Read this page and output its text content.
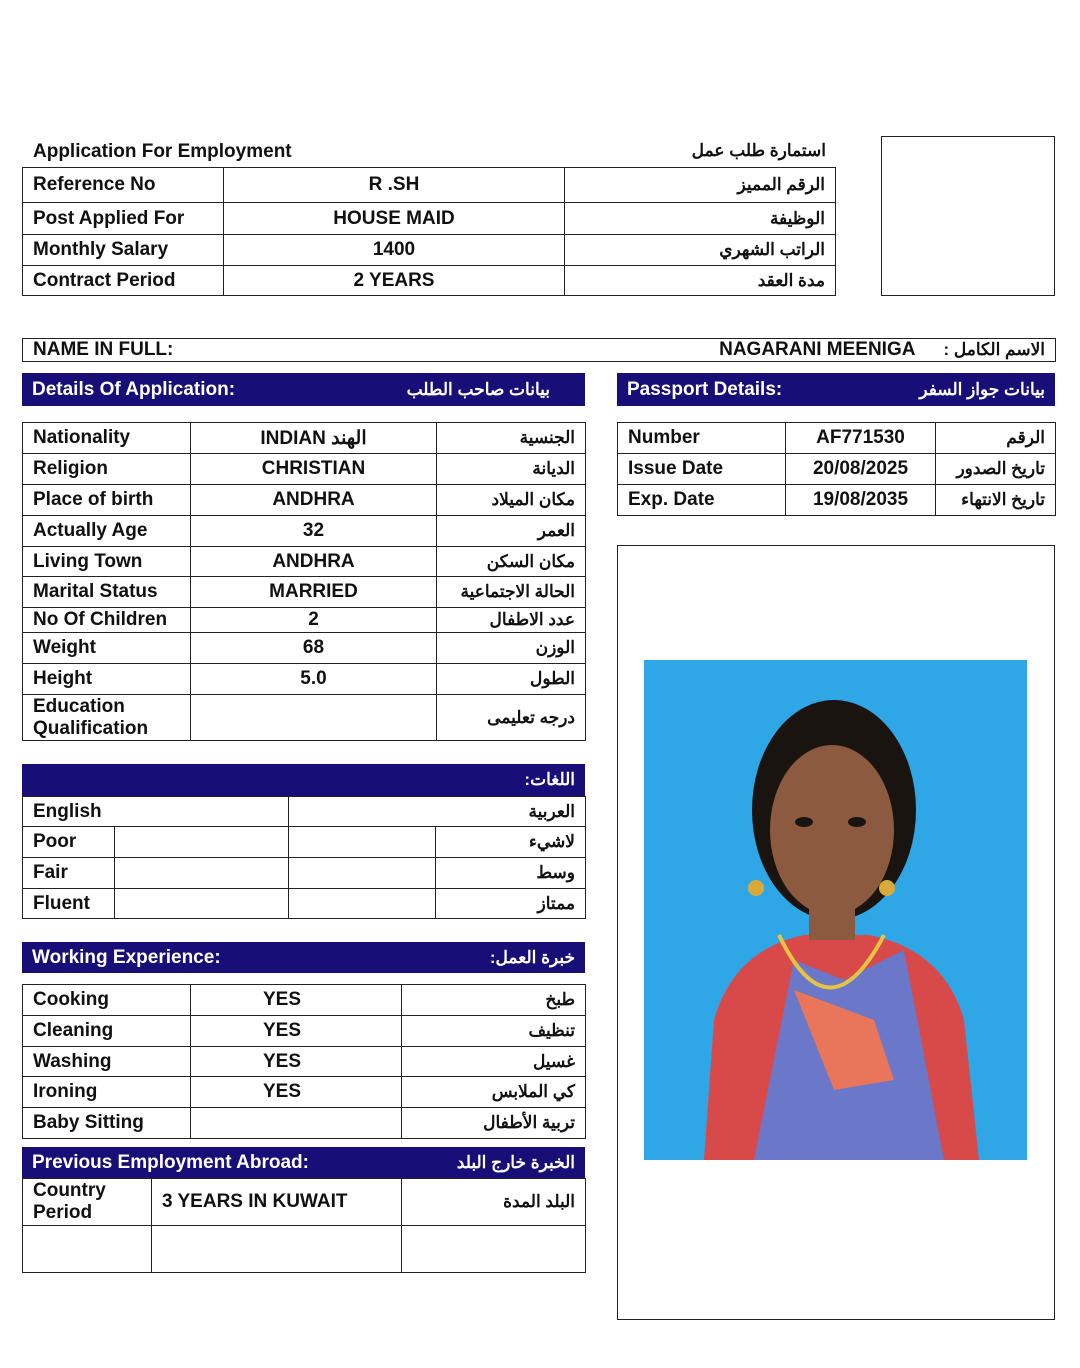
Application For Employment	استمارة طلب عمل
Reference No	R .SH	الرقم المميز
Post Applied For	HOUSE MAID	الوظيفة
Monthly Salary	1400	الراتب الشهري
Contract Period	2 YEARS	مدة العقد
NAME IN FULL:	NAGARANI MEENIGA الاسم الكامل :
Details Of Application:	بيانات صاحب الطلب	Passport Details:	بيانات جواز السفر
Nationality	INDIAN الهند	الجنسية
Religion	CHRISTIAN	الديانة
Place of birth	ANDHRA	مكان الميلاد
Actually Age	32	العمر
Living Town	ANDHRA	مكان السكن
Marital Status	MARRIED	الحالة الاجتماعية
No Of Children	2	عدد الاطفال
Weight	68	الوزن
Height	5.0	الطول
Education Qualification		درجه تعليمى
Number	AF771530	الرقم
Issue Date	20/08/2025	تاريخ الصدور
Exp. Date	19/08/2035	تاريخ الانتهاء
اللغات:
English		العربية	
Poor			لاشيء
Fair			وسط
Fluent			ممتاز
Working Experience:	خبرة العمل:
Cooking	YES	طبخ
Cleaning	YES	تنظيف
Washing	YES	غسيل
Ironing	YES	كي الملابس
Baby Sitting		تربية الأطفال
Previous Employment Abroad:	الخبرة خارج البلد
Country Period	3 YEARS IN KUWAIT	البلد المدة
